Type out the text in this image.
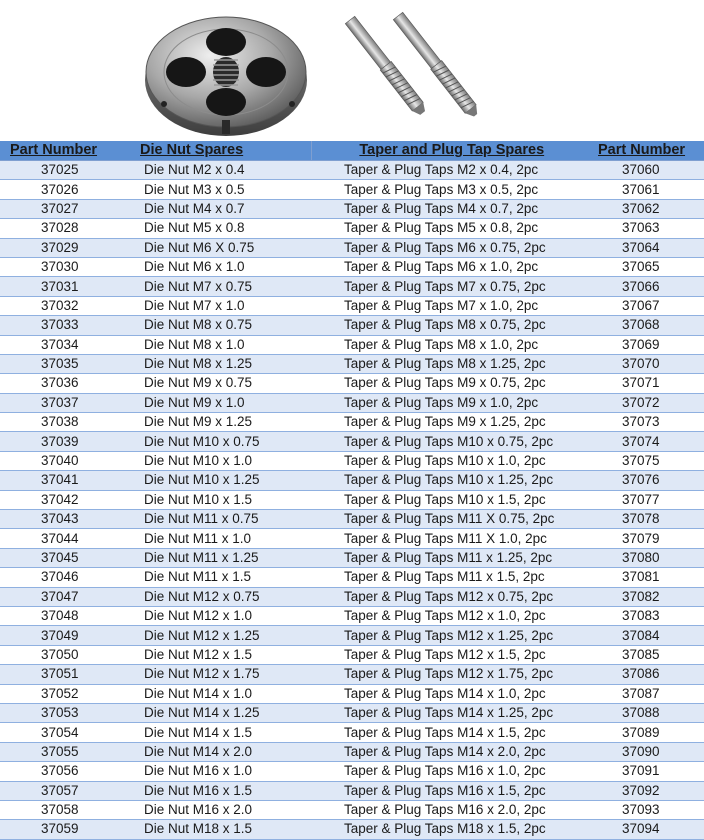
Part Number	Die Nut Spares	Taper and Plug Tap Spares	Part Number
37025	Die Nut M2 x 0.4	Taper & Plug Taps M2 x 0.4, 2pc	37060
37026	Die Nut M3 x 0.5	Taper & Plug Taps M3 x 0.5, 2pc	37061
37027	Die Nut M4 x 0.7	Taper & Plug Taps M4 x 0.7, 2pc	37062
37028	Die Nut M5 x 0.8	Taper & Plug Taps M5 x 0.8, 2pc	37063
37029	Die Nut M6 X 0.75	Taper & Plug Taps M6 x 0.75, 2pc	37064
37030	Die Nut M6 x 1.0	Taper & Plug Taps M6 x 1.0, 2pc	37065
37031	Die Nut M7 x 0.75	Taper & Plug Taps M7 x 0.75, 2pc	37066
37032	Die Nut M7 x 1.0	Taper & Plug Taps M7 x 1.0, 2pc	37067
37033	Die Nut M8 x 0.75	Taper & Plug Taps M8 x 0.75, 2pc	37068
37034	Die Nut M8 x 1.0	Taper & Plug Taps M8 x 1.0, 2pc	37069
37035	Die Nut M8 x 1.25	Taper & Plug Taps M8 x 1.25, 2pc	37070
37036	Die Nut M9 x 0.75	Taper & Plug Taps M9 x 0.75, 2pc	37071
37037	Die Nut M9 x 1.0	Taper & Plug Taps M9 x 1.0, 2pc	37072
37038	Die Nut M9 x 1.25	Taper & Plug Taps M9 x 1.25, 2pc	37073
37039	Die Nut M10 x 0.75	Taper & Plug Taps M10 x 0.75, 2pc	37074
37040	Die Nut M10 x 1.0	Taper & Plug Taps M10 x 1.0, 2pc	37075
37041	Die Nut M10 x 1.25	Taper & Plug Taps M10 x 1.25, 2pc	37076
37042	Die Nut M10 x 1.5	Taper & Plug Taps M10 x 1.5, 2pc	37077
37043	Die Nut M11 x 0.75	Taper & Plug Taps M11 X 0.75, 2pc	37078
37044	Die Nut M11 x 1.0	Taper & Plug Taps M11 X 1.0, 2pc	37079
37045	Die Nut M11 x 1.25	Taper & Plug Taps M11 x 1.25, 2pc	37080
37046	Die Nut M11 x 1.5	Taper & Plug Taps M11 x 1.5, 2pc	37081
37047	Die Nut M12 x 0.75	Taper & Plug Taps M12 x 0.75, 2pc	37082
37048	Die Nut M12 x 1.0	Taper & Plug Taps M12 x 1.0, 2pc	37083
37049	Die Nut M12 x 1.25	Taper & Plug Taps M12 x 1.25, 2pc	37084
37050	Die Nut M12 x 1.5	Taper & Plug Taps M12 x 1.5, 2pc	37085
37051	Die Nut M12 x 1.75	Taper & Plug Taps M12 x 1.75, 2pc	37086
37052	Die Nut M14 x 1.0	Taper & Plug Taps M14 x 1.0, 2pc	37087
37053	Die Nut M14 x 1.25	Taper & Plug Taps M14 x 1.25, 2pc	37088
37054	Die Nut M14 x 1.5	Taper & Plug Taps M14 x 1.5, 2pc	37089
37055	Die Nut M14 x 2.0	Taper & Plug Taps M14 x 2.0, 2pc	37090
37056	Die Nut M16 x 1.0	Taper & Plug Taps M16 x 1.0, 2pc	37091
37057	Die Nut M16 x 1.5	Taper & Plug Taps M16 x 1.5, 2pc	37092
37058	Die Nut M16 x 2.0	Taper & Plug Taps M16 x 2.0, 2pc	37093
37059	Die Nut M18 x 1.5	Taper & Plug Taps M18 x 1.5, 2pc	37094
